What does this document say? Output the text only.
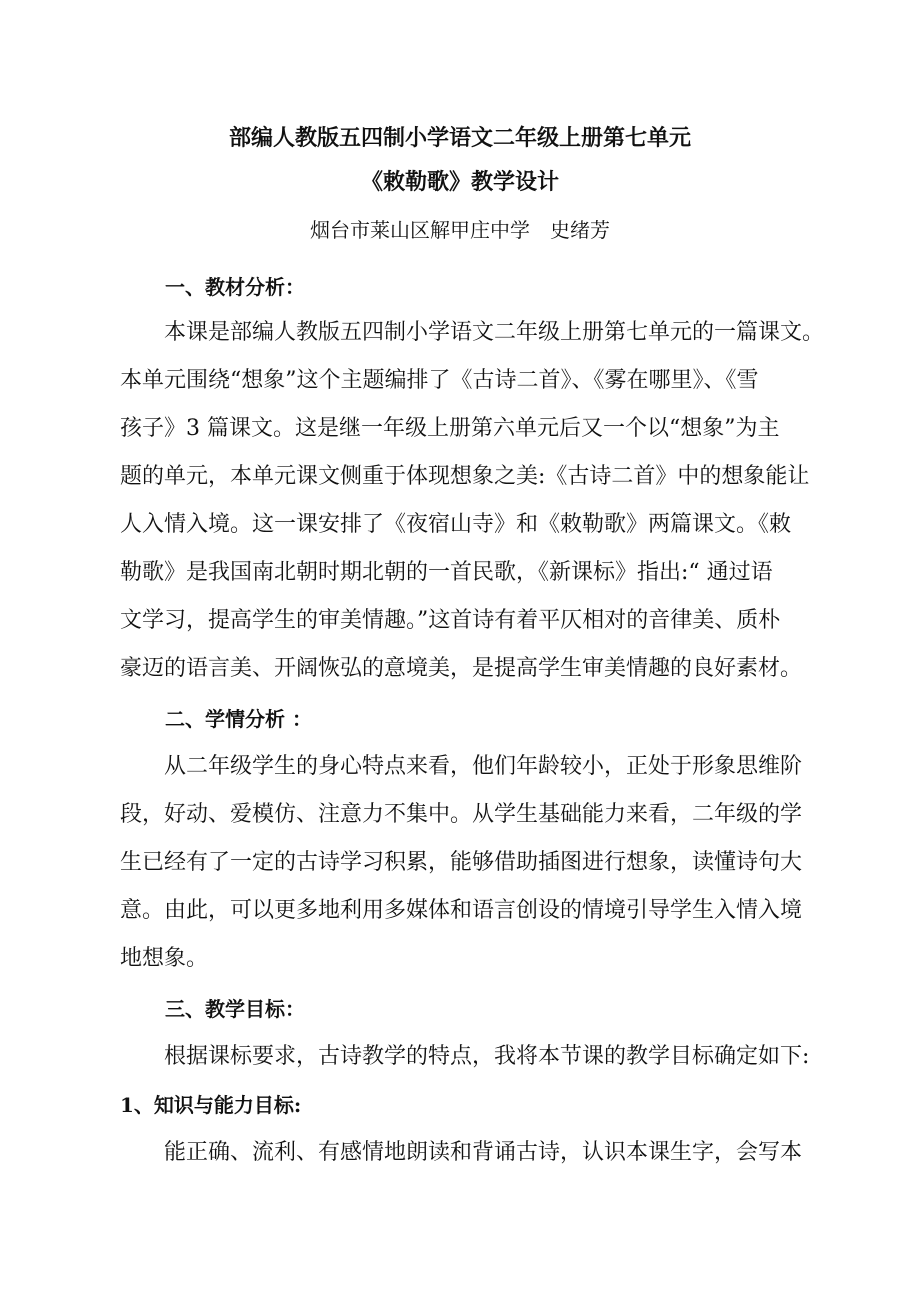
部编人教版五四制小学语文二年级上册第七单元
《敕勒歌》教学设计
烟台市莱山区解甲庄中学　史绪芳
一、教材分析：
本课是部编人教版五四制小学语文二年级上册第七单元的一篇课文。
本单元围绕“想象”这个主题编排了《古诗二首》、《雾在哪里》、《雪
孩子》3 篇课文。这是继一年级上册第六单元后又一个以“想象”为主
题的单元，本单元课文侧重于体现想象之美:《古诗二首》中的想象能让
人入情入境。这一课安排了《夜宿山寺》和《敕勒歌》两篇课文。《敕
勒歌》是我国南北朝时期北朝的一首民歌，《新课标》指出:“ 通过语
文学习，提高学生的审美情趣。”这首诗有着平仄相对的音律美、质朴
豪迈的语言美、开阔恢弘的意境美，是提高学生审美情趣的良好素材。
二、学情分析 ：
从二年级学生的身心特点来看，他们年龄较小，正处于形象思维阶
段，好动、爱模仿、注意力不集中。从学生基础能力来看，二年级的学
生已经有了一定的古诗学习积累，能够借助插图进行想象，读懂诗句大
意。由此，可以更多地利用多媒体和语言创设的情境引导学生入情入境
地想象。
三、教学目标：
根据课标要求，古诗教学的特点，我将本节课的教学目标确定如下:
1、知识与能力目标:
能正确、流利、有感情地朗读和背诵古诗，认识本课生字，会写本
